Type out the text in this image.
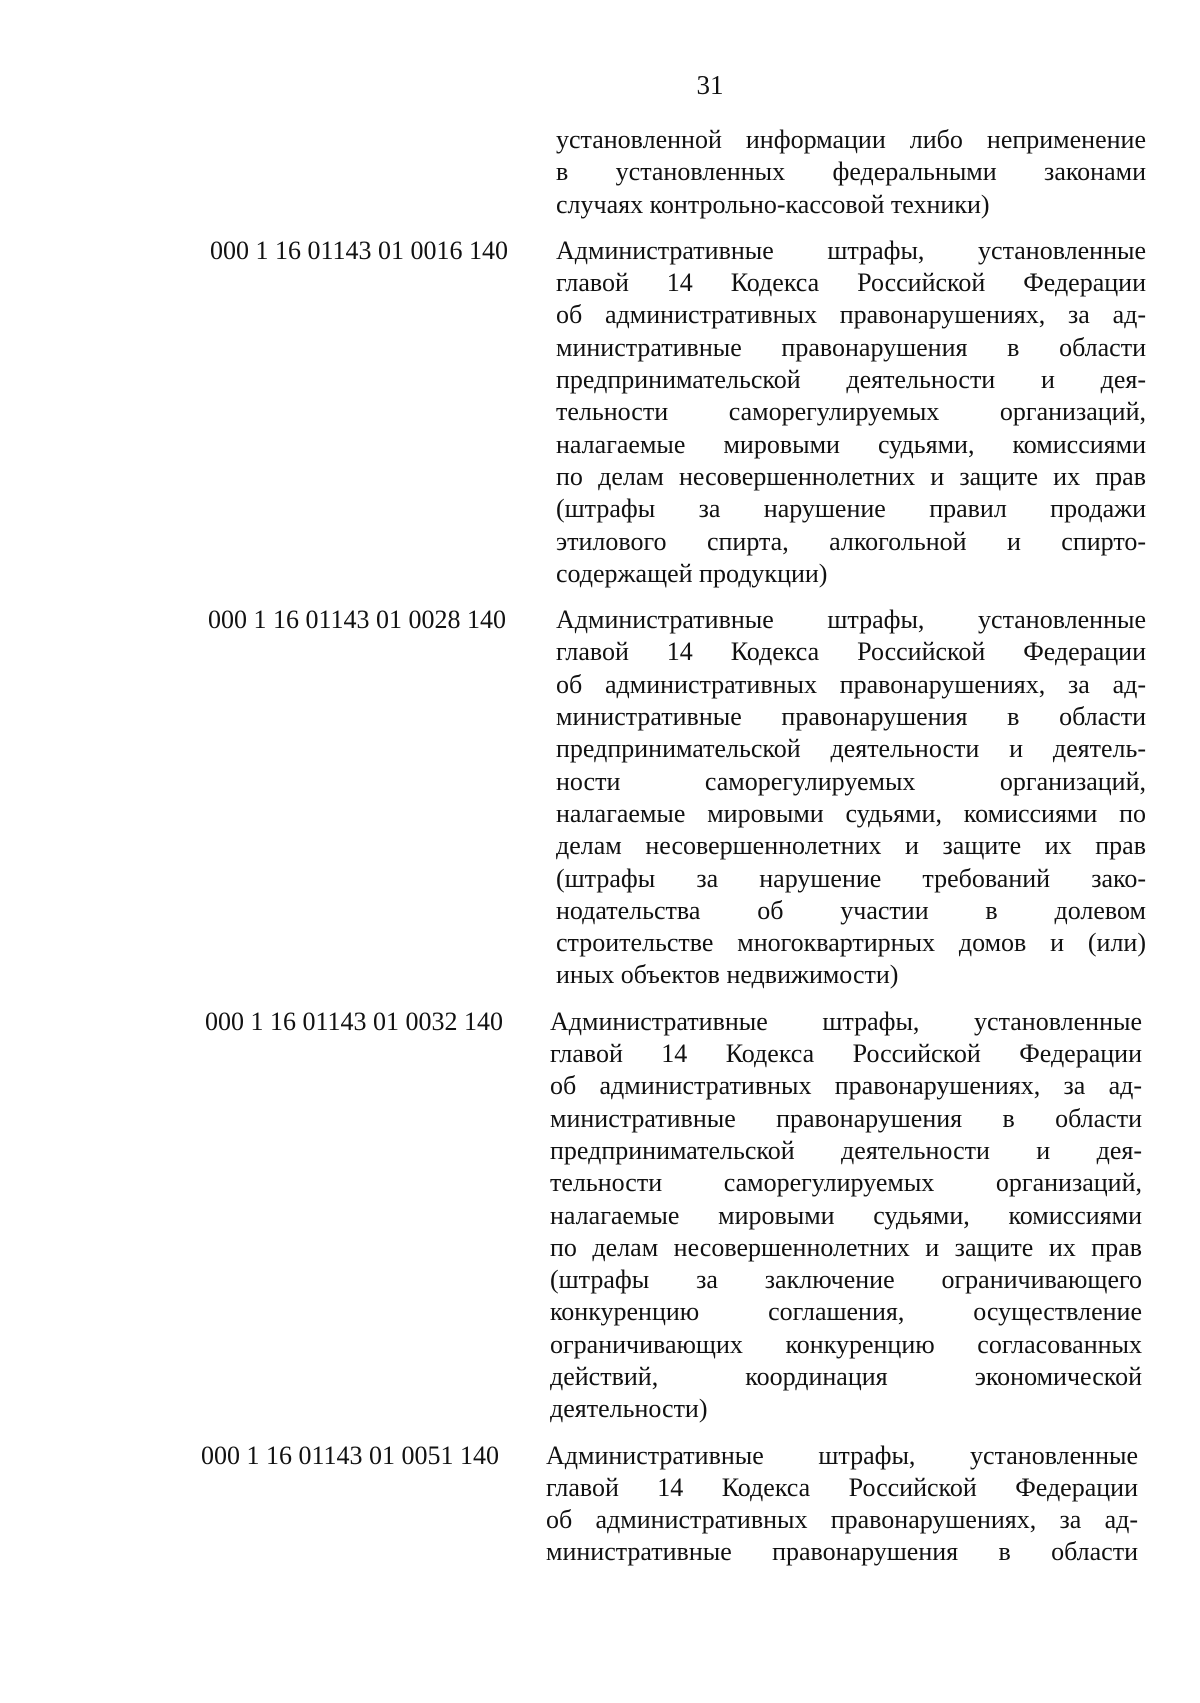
31
установленной информации либо неприменение
в установленных федеральными законами
случаях контрольно-кассовой техники)

000 1 16 01143 01 0016 140	Административные штрафы, установленные
главой 14 Кодекса Российской Федерации
об административных правонарушениях, за ад-
министративные правонарушения в области
предпринимательской деятельности и дея-
тельности саморегулируемых организаций,
налагаемые мировыми судьями, комиссиями
по делам несовершеннолетних и защите их прав
(штрафы за нарушение правил продажи
этилового спирта, алкогольной и спирто-
содержащей продукции)

000 1 16 01143 01 0028 140	Административные штрафы, установленные
главой 14 Кодекса Российской Федерации
об административных правонарушениях, за ад-
министративные правонарушения в области
предпринимательской деятельности и деятель-
ности саморегулируемых организаций,
налагаемые мировыми судьями, комиссиями по
делам несовершеннолетних и защите их прав
(штрафы за нарушение требований зако-
нодательства об участии в долевом
строительстве многоквартирных домов и (или)
иных объектов недвижимости)

000 1 16 01143 01 0032 140	Административные штрафы, установленные
главой 14 Кодекса Российской Федерации
об административных правонарушениях, за ад-
министративные правонарушения в области
предпринимательской деятельности и дея-
тельности саморегулируемых организаций,
налагаемые мировыми судьями, комиссиями
по делам несовершеннолетних и защите их прав
(штрафы за заключение ограничивающего
конкуренцию соглашения, осуществление
ограничивающих конкуренцию согласованных
действий, координация экономической
деятельности)

000 1 16 01143 01 0051 140	Административные штрафы, установленные
главой 14 Кодекса Российской Федерации
об административных правонарушениях, за ад-
министративные правонарушения в области
